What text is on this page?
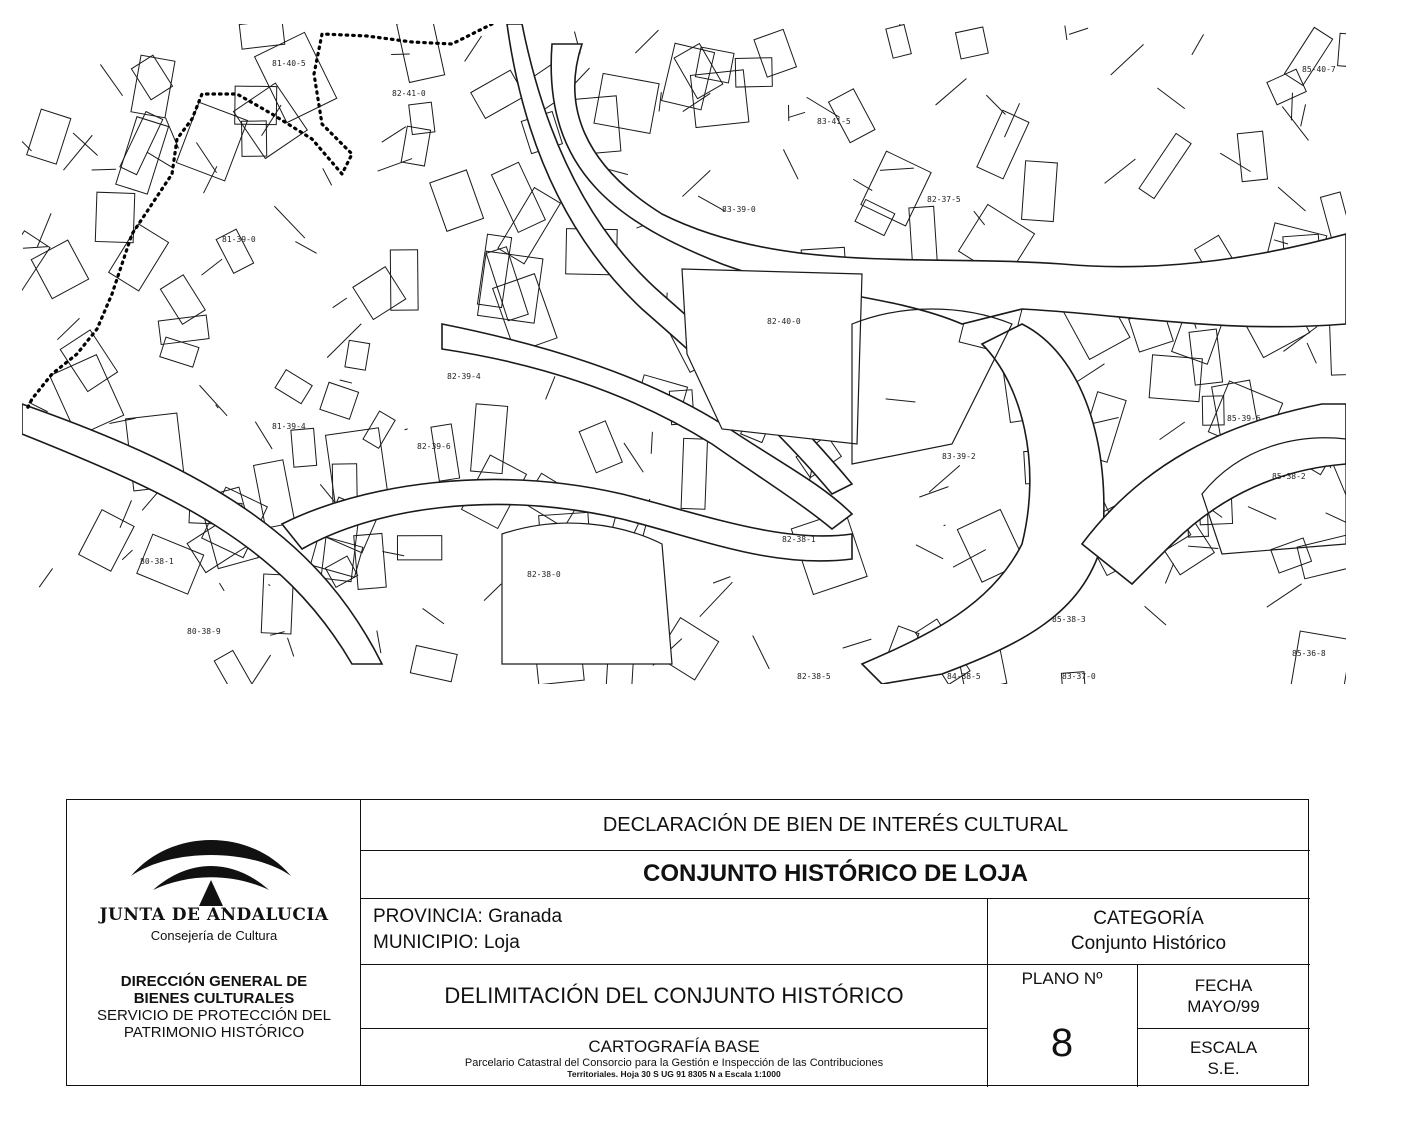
82-40-0
83-41-5
85-40-7
82-39-4
82-39-6
83-39-2
85-39-6
85-38-2
82-38-0
82-38-1
85-38-3
82-38-5
83-39-0
80-38-1
80-38-9
81-40-5
82-41-0
81-39-0
85-36-8
83-37-0
84-38-5
81-39-4
82-37-5
JUNTA DE ANDALUCIA
Consejería de Cultura
DIRECCIÓN GENERAL DE
BIENES CULTURALES
SERVICIO DE PROTECCIÓN DEL
PATRIMONIO HISTÓRICO
DECLARACIÓN DE BIEN DE INTERÉS CULTURAL
CONJUNTO HISTÓRICO DE LOJA
PROVINCIA: Granada
MUNICIPIO: Loja
CATEGORÍA
Conjunto Histórico
DELIMITACIÓN DEL CONJUNTO HISTÓRICO
PLANO Nº
8
FECHA
MAYO/99
ESCALA
S.E.
CARTOGRAFÍA BASE
Parcelario Catastral del Consorcio para la Gestión e Inspección de las Contribuciones
Territoriales. Hoja 30 S UG 91 8305 N a Escala 1:1000
